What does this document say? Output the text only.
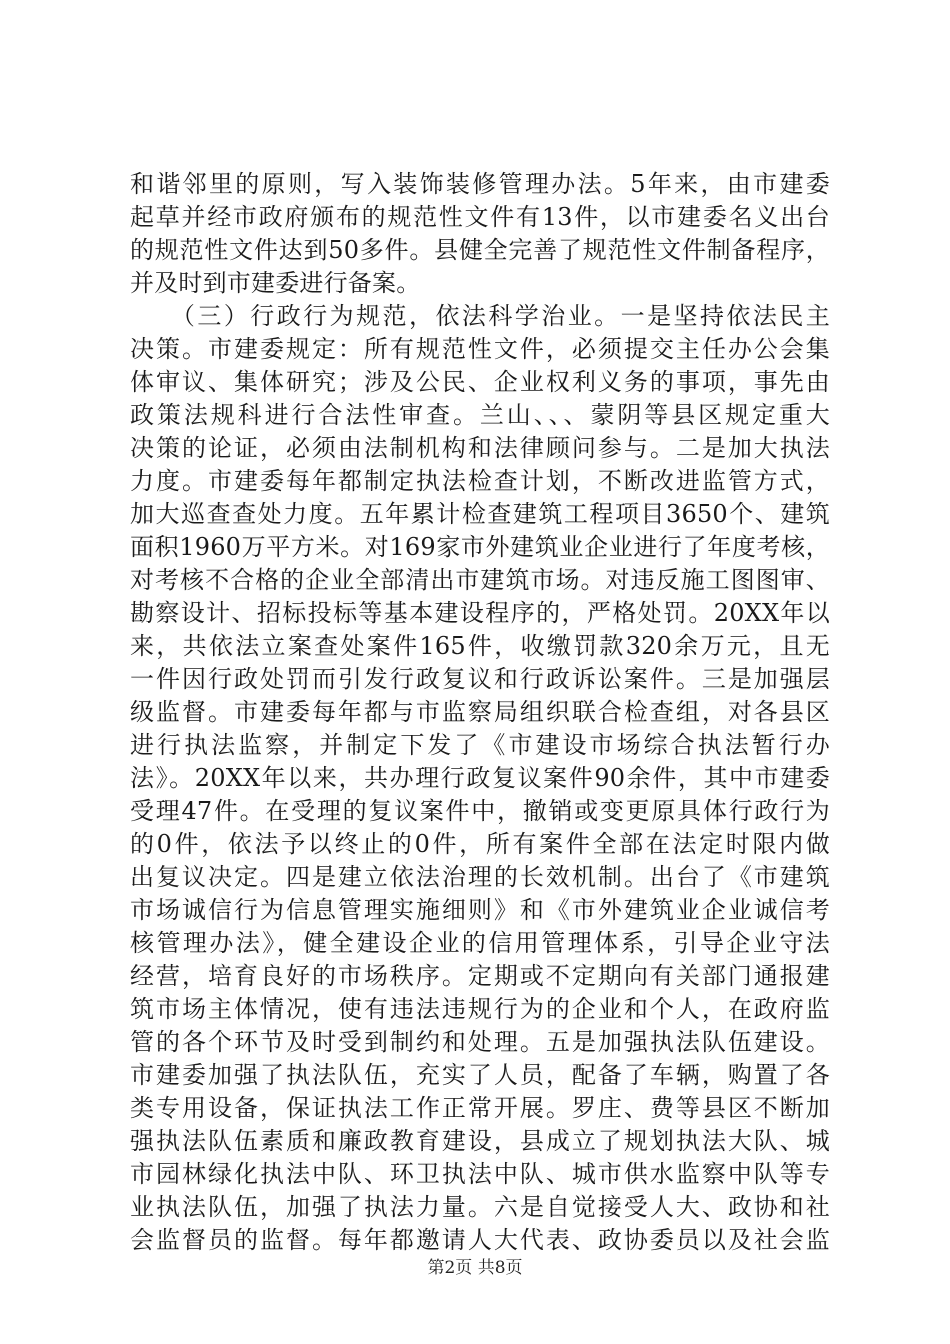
和谐邻里的原则，写入装饰装修管理办法。5年来，由市建委
起草并经市政府颁布的规范性文件有13件，以市建委名义出台
的规范性文件达到50多件。县健全完善了规范性文件制备程序，
并及时到市建委进行备案。
　　（三）行政行为规范，依法科学治业。一是坚持依法民主
决策。市建委规定：所有规范性文件，必须提交主任办公会集
体审议、集体研究；涉及公民、企业权利义务的事项，事先由
政策法规科进行合法性审查。兰山、、、蒙阴等县区规定重大
决策的论证，必须由法制机构和法律顾问参与。二是加大执法
力度。市建委每年都制定执法检查计划，不断改进监管方式，
加大巡查查处力度。五年累计检查建筑工程项目3650个、建筑
面积1960万平方米。对169家市外建筑业企业进行了年度考核，
对考核不合格的企业全部清出市建筑市场。对违反施工图图审、
勘察设计、招标投标等基本建设程序的，严格处罚。20XX年以
来，共依法立案查处案件165件，收缴罚款320余万元，且无
一件因行政处罚而引发行政复议和行政诉讼案件。三是加强层
级监督。市建委每年都与市监察局组织联合检查组，对各县区
进行执法监察，并制定下发了《市建设市场综合执法暂行办
法》。20XX年以来，共办理行政复议案件90余件，其中市建委
受理47件。在受理的复议案件中，撤销或变更原具体行政行为
的0件，依法予以终止的0件，所有案件全部在法定时限内做
出复议决定。四是建立依法治理的长效机制。出台了《市建筑
市场诚信行为信息管理实施细则》和《市外建筑业企业诚信考
核管理办法》，健全建设企业的信用管理体系，引导企业守法
经营，培育良好的市场秩序。定期或不定期向有关部门通报建
筑市场主体情况，使有违法违规行为的企业和个人，在政府监
管的各个环节及时受到制约和处理。五是加强执法队伍建设。
市建委加强了执法队伍，充实了人员，配备了车辆，购置了各
类专用设备，保证执法工作正常开展。罗庄、费等县区不断加
强执法队伍素质和廉政教育建设，县成立了规划执法大队、城
市园林绿化执法中队、环卫执法中队、城市供水监察中队等专
业执法队伍，加强了执法力量。六是自觉接受人大、政协和社
会监督员的监督。每年都邀请人大代表、政协委员以及社会监
第2页 共8页
